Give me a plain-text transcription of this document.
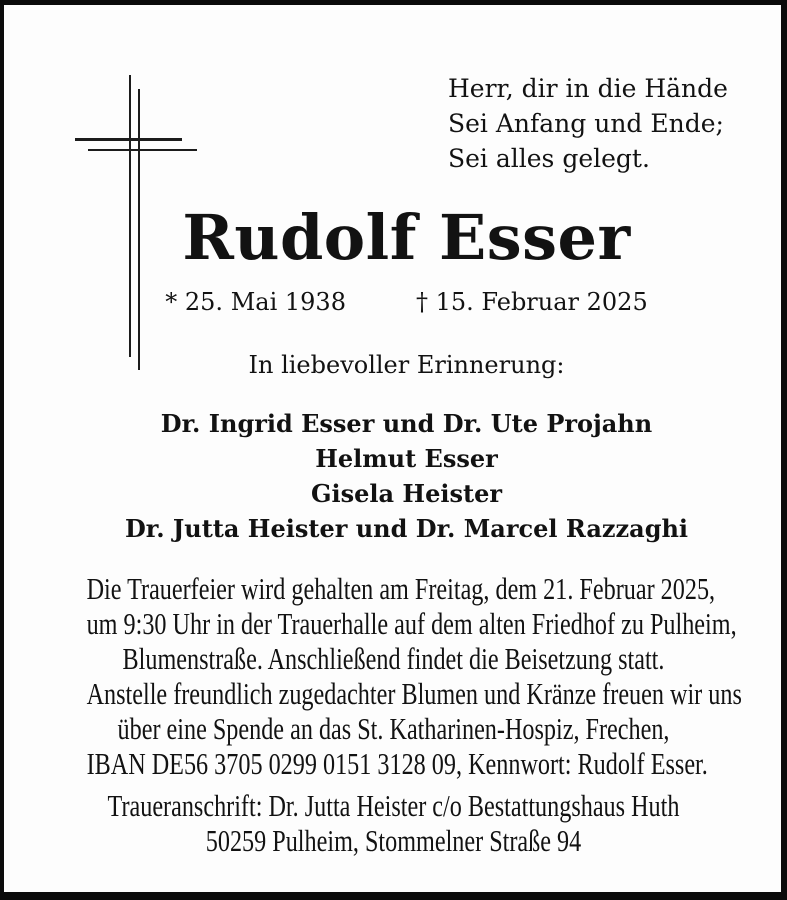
Herr, dir in die Hände
Sei Anfang und Ende;
Sei alles gelegt.
Rudolf Esser
* 25. Mai 1938	† 15. Februar 2025
In liebevoller Erinnerung:
Dr. Ingrid Esser und Dr. Ute Projahn
Helmut Esser
Gisela Heister
Dr. Jutta Heister und Dr. Marcel Razzaghi
Die Trauerfeier wird gehalten am Freitag, dem 21. Februar 2025,
um 9:30 Uhr in der Trauerhalle auf dem alten Friedhof zu Pulheim,
Blumenstraße. Anschließend findet die Beisetzung statt.
Anstelle freundlich zugedachter Blumen und Kränze freuen wir uns
über eine Spende an das St. Katharinen-Hospiz, Frechen,
IBAN DE56 3705 0299 0151 3128 09, Kennwort: Rudolf Esser.
Traueranschrift: Dr. Jutta Heister c/o Bestattungshaus Huth
50259 Pulheim, Stommelner Straße 94
